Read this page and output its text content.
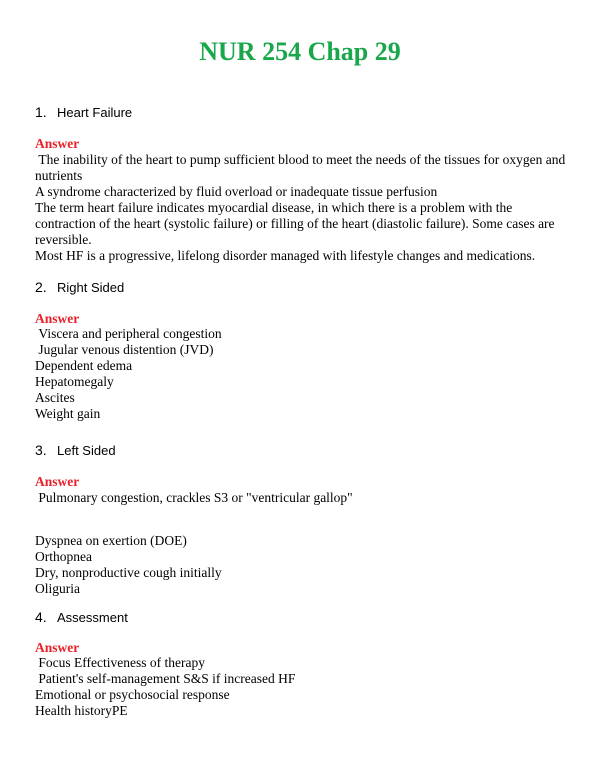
NUR 254 Chap 29
1. Heart Failure
Answer
The inability of the heart to pump sufficient blood to meet the needs of the tissues for oxygen and nutrients
A syndrome characterized by fluid overload or inadequate tissue perfusion
The term heart failure indicates myocardial disease, in which there is a problem with the contraction of the heart (systolic failure) or filling of the heart (diastolic failure). Some cases are reversible.
Most HF is a progressive, lifelong disorder managed with lifestyle changes and medications.
2. Right Sided
Answer
Viscera and peripheral congestion
Jugular venous distention (JVD)
Dependent edema
Hepatomegaly
Ascites
Weight gain
3. Left Sided
Answer
Pulmonary congestion, crackles S3 or "ventricular gallop"
Dyspnea on exertion (DOE)
Orthopnea
Dry, nonproductive cough initially
Oliguria
4. Assessment
Answer
Focus Effectiveness of therapy
Patient's self-management S&S if increased HF
Emotional or psychosocial response
Health historyPE
